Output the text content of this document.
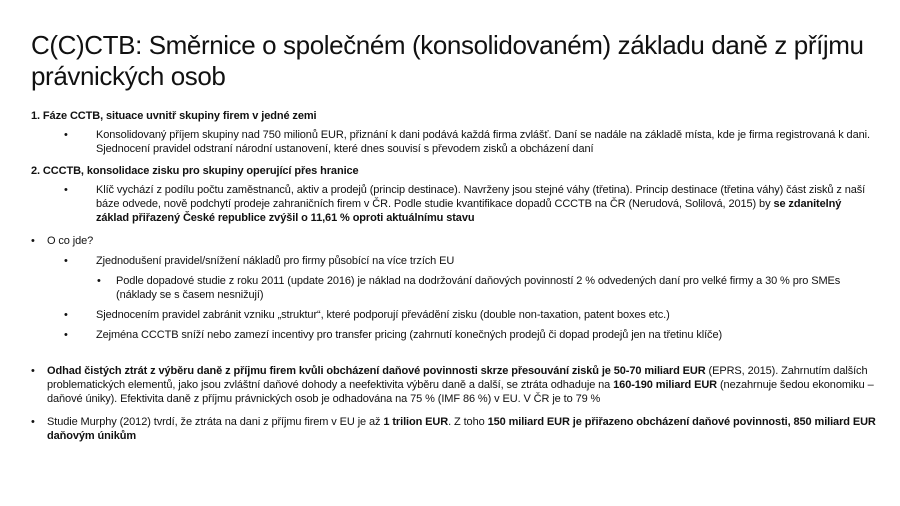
C(C)CTB: Směrnice o společném (konsolidovaném) základu daně z příjmu právnických osob

1. Fáze CCTB, situace uvnitř skupiny firem v jedné zemi

•	Konsolidovaný příjem skupiny nad 750 milionů EUR, přiznání k dani podává každá firma zvlášť. Daní se nadále na základě místa, kde je firma registrovaná k dani. Sjednocení pravidel odstraní národní ustanovení, které dnes souvisí s převodem zisků a obcházení daní

2. CCCTB, konsolidace zisku pro skupiny operující přes hranice

•	Klíč vychází z podílu počtu zaměstnanců, aktiv a prodejů (princip destinace). Navrženy jsou stejné váhy (třetina). Princip destinace (třetina váhy) část zisků z naší báze odvede, nově podchytí prodeje zahraničních firem v ČR. Podle studie kvantifikace dopadů CCCTB na ČR (Nerudová, Solilová, 2015) by se zdanitelný základ přiřazený České republice zvýšil o 11,61 % oproti aktuálnímu stavu
• O co jde?
•	Zjednodušení pravidel/snížení nákladů pro firmy působící na více trzích EU
• Podle dopadové studie z roku 2011 (update 2016) je náklad na dodržování daňových povinností 2 % odvedených daní pro velké firmy a 30 % pro SMEs (náklady se s časem nesnižují)
•	Sjednocením pravidel zabránit vzniku „struktur“, které podporují převádění zisku (double non-taxation, patent boxes etc.)
•	Zejména CCCTB sníží nebo zamezí incentivy pro transfer pricing (zahrnutí konečných prodejů či dopad prodejů jen na třetinu klíče)
• Odhad čistých ztrát z výběru daně z příjmu firem kvůli obcházení daňové povinnosti skrze přesouvání zisků je 50-70 miliard EUR (EPRS, 2015). Zahrnutím dalších problematických elementů, jako jsou zvláštní daňové dohody a neefektivita výběru daně a další, se ztráta odhaduje na 160-190 miliard EUR (nezahrnuje šedou ekonomiku – daňové úniky). Efektivita daně z příjmu právnických osob je odhadována na 75 % (IMF 86 %) v EU. V ČR je to 79 %
• Studie Murphy (2012) tvrdí, že ztráta na dani z příjmu firem v EU je až 1 trilion EUR. Z toho 150 miliard EUR je přiřazeno obcházení daňové povinnosti, 850 miliard EUR daňovým únikům
